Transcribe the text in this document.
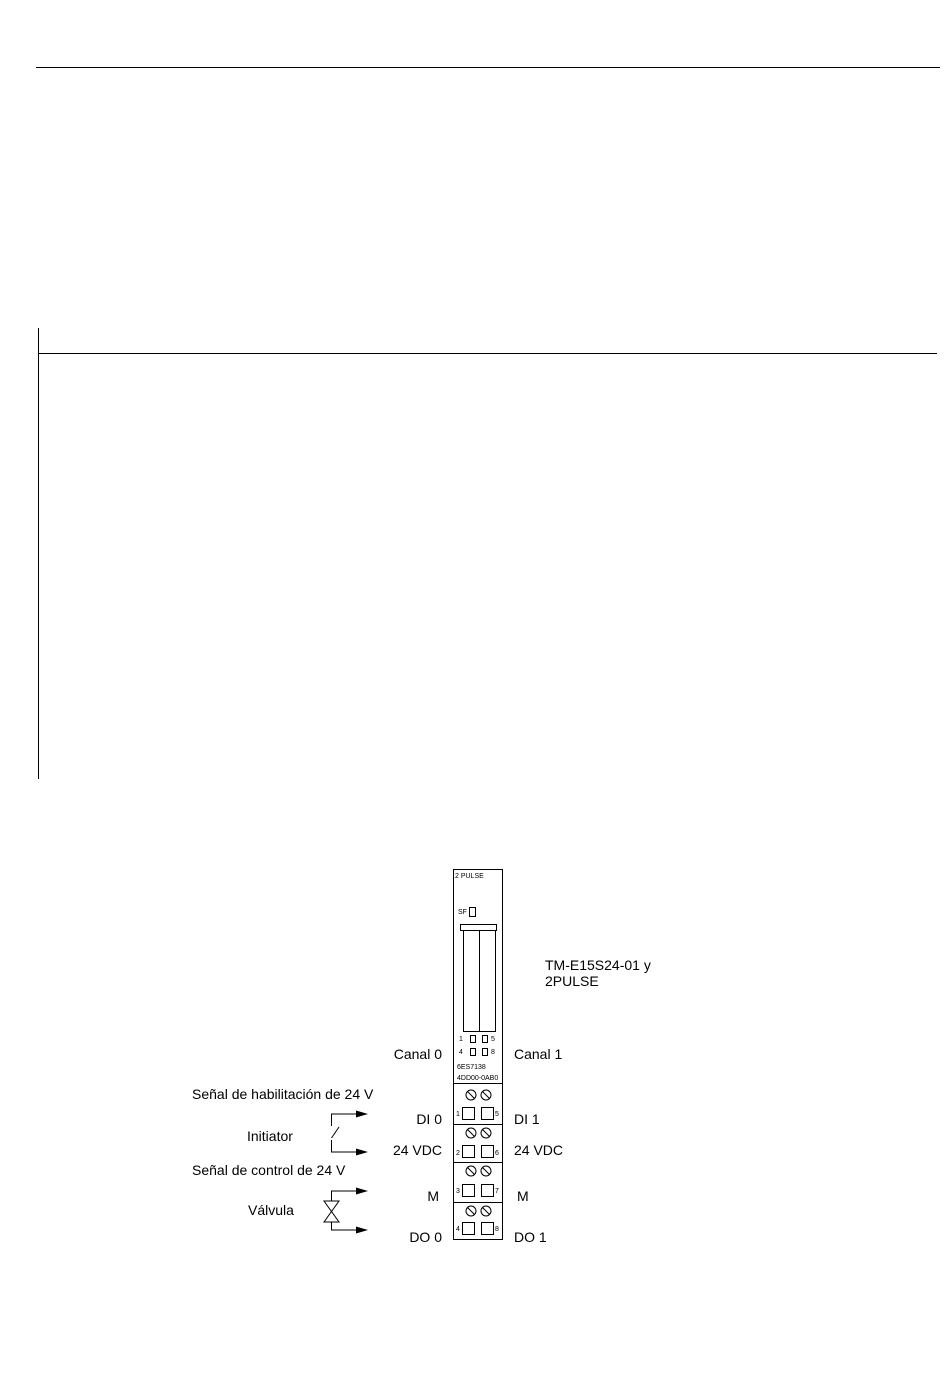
2 PULSE
SF
1	5
4	8
6ES7138
4DD00-0AB0
1
2
3
4
5
6
7
8
TM-E15S24-01 y
2PULSE
Canal 0	Canal 1
Señal de habilitación de 24 V
Initiator
Señal de control de 24 V
Válvula
DI 0	DI 1
24 VDC	24 VDC
M	M
DO 0	DO 1
